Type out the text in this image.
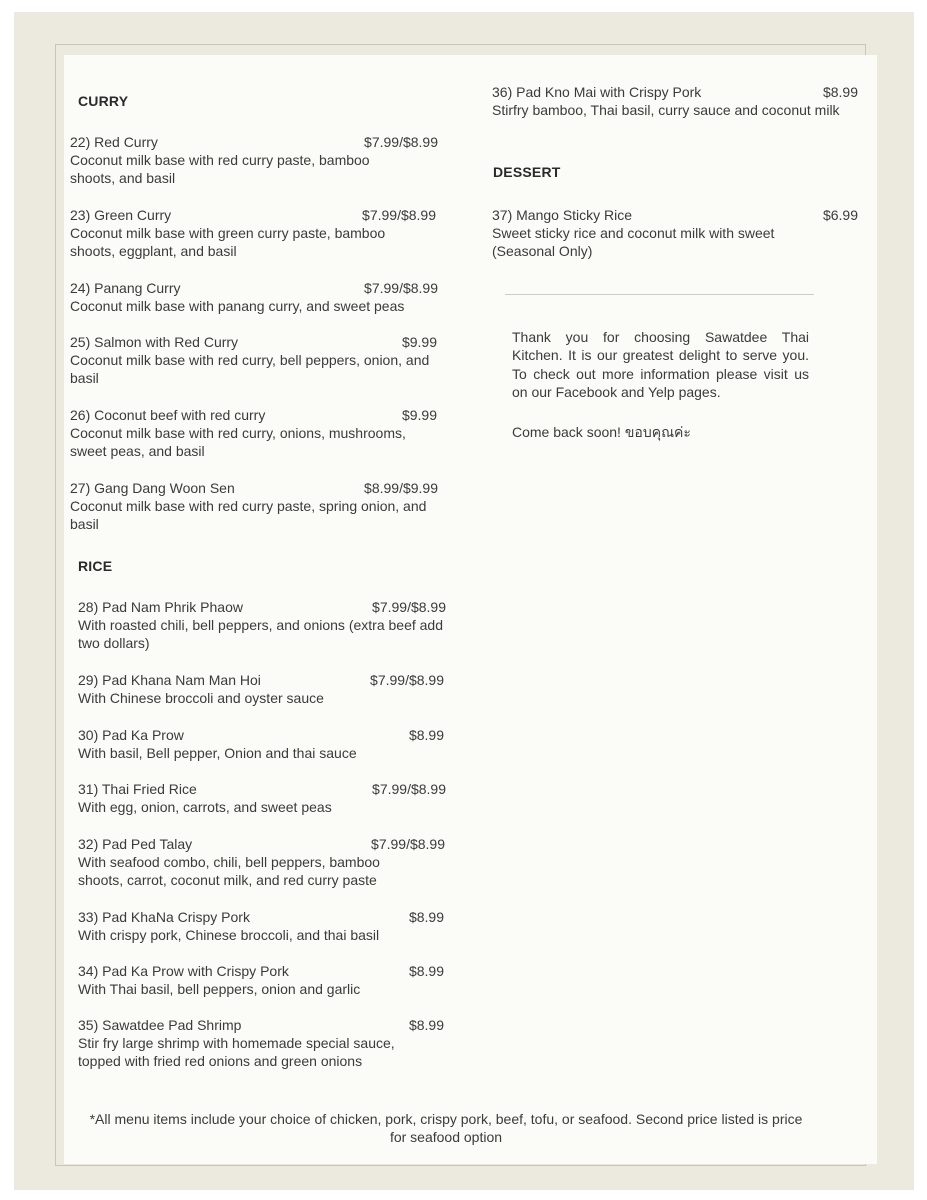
CURRY
22) Red Curry	$7.99/$8.99
Coconut milk base with red curry paste, bamboo shoots, and basil
23) Green Curry	$7.99/$8.99
Coconut milk base with green curry paste, bamboo shoots, eggplant, and basil
24) Panang Curry	$7.99/$8.99
Coconut milk base with panang curry, and sweet peas
25) Salmon with Red Curry	$9.99
Coconut milk base with red curry, bell peppers, onion, and basil
26) Coconut beef with red curry	$9.99
Coconut milk base with red curry, onions, mushrooms, sweet peas, and basil
27) Gang Dang Woon Sen	$8.99/$9.99
Coconut milk base with red curry paste, spring onion, and basil
RICE
28) Pad Nam Phrik Phaow	$7.99/$8.99
With roasted chili, bell peppers, and onions (extra beef add two dollars)
29) Pad Khana Nam Man Hoi	$7.99/$8.99
With Chinese broccoli and oyster sauce
30) Pad Ka Prow	$8.99
With basil, Bell pepper, Onion and thai sauce
31) Thai Fried Rice	$7.99/$8.99
With egg, onion, carrots, and sweet peas
32) Pad Ped Talay	$7.99/$8.99
With seafood combo, chili, bell peppers, bamboo shoots, carrot, coconut milk, and red curry paste
33) Pad KhaNa Crispy Pork	$8.99
With crispy pork, Chinese broccoli, and thai basil
34) Pad Ka Prow with Crispy Pork	$8.99
With Thai basil, bell peppers, onion and garlic
35) Sawatdee Pad Shrimp	$8.99
Stir fry large shrimp with homemade special sauce, topped with fried red onions and green onions
36) Pad Kno Mai with Crispy Pork	$8.99
Stirfry bamboo, Thai basil, curry sauce and coconut milk
DESSERT
37) Mango Sticky Rice	$6.99
Sweet sticky rice and coconut milk with sweet (Seasonal Only)
Thank you for choosing Sawatdee Thai Kitchen. It is our greatest delight to serve you. To check out more information please visit us on our Facebook and Yelp pages.
Come back soon! ขอบคุณค่ะ
*All menu items include your choice of chicken, pork, crispy pork, beef, tofu, or seafood. Second price listed is price for seafood option
